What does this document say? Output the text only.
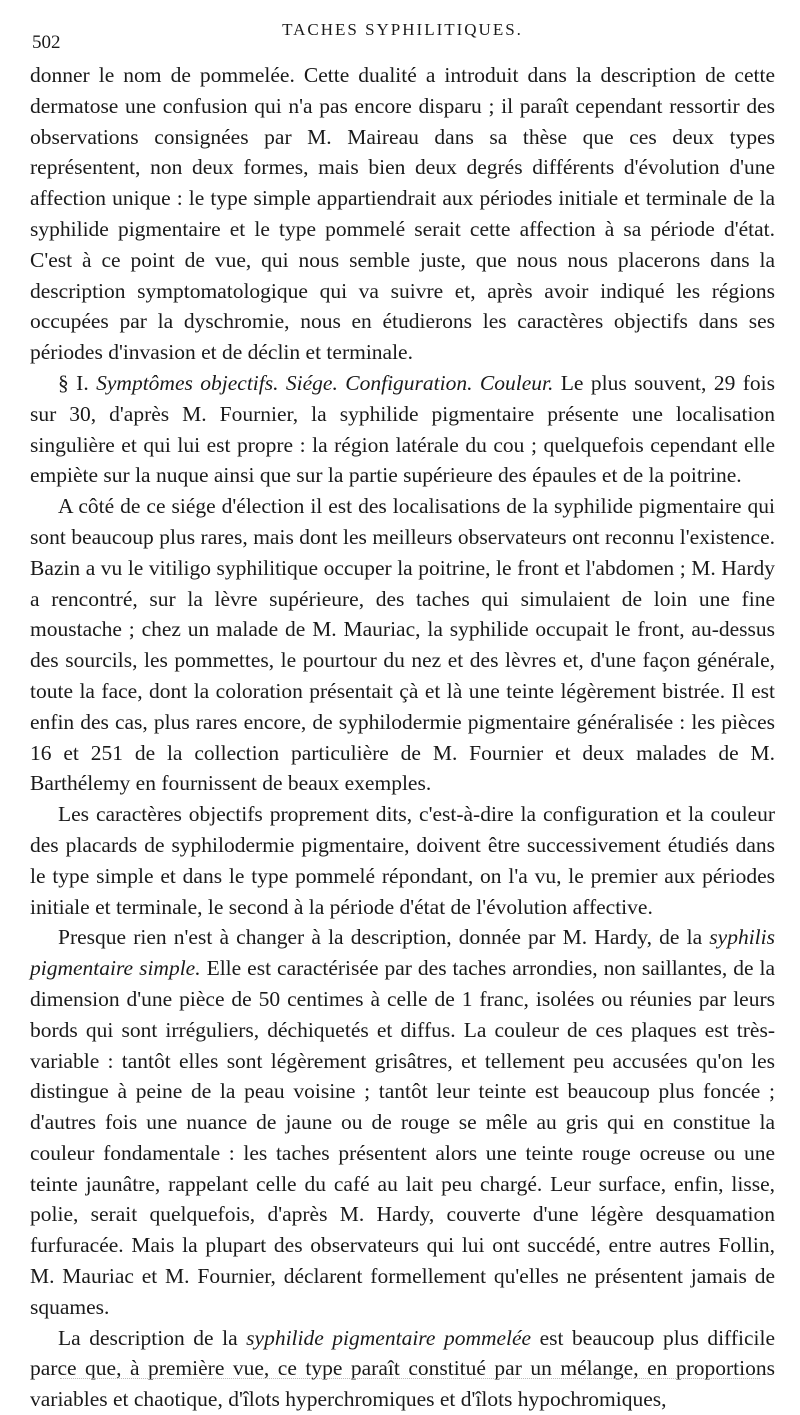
502
TACHES SYPHILITIQUES.

donner le nom de pommelée. Cette dualité a introduit dans la description de cette dermatose une confusion qui n'a pas encore disparu ; il paraît cependant ressortir des observations consignées par M. Maireau dans sa thèse que ces deux types représentent, non deux formes, mais bien deux degrés différents d'évolution d'une affection unique : le type simple appartiendrait aux périodes initiale et terminale de la syphilide pigmentaire et le type pommelé serait cette affection à sa période d'état. C'est à ce point de vue, qui nous semble juste, que nous nous placerons dans la description symptomatologique qui va suivre et, après avoir indiqué les régions occupées par la dyschromie, nous en étudierons les caractères objectifs dans ses périodes d'invasion et de déclin et terminale.

§ I. Symptômes objectifs. Siége. Configuration. Couleur. Le plus souvent, 29 fois sur 30, d'après M. Fournier, la syphilide pigmentaire présente une localisation singulière et qui lui est propre : la région latérale du cou ; quelquefois cependant elle empiète sur la nuque ainsi que sur la partie supérieure des épaules et de la poitrine.

A côté de ce siége d'élection il est des localisations de la syphilide pigmentaire qui sont beaucoup plus rares, mais dont les meilleurs observateurs ont reconnu l'existence. Bazin a vu le vitiligo syphilitique occuper la poitrine, le front et l'abdomen ; M. Hardy a rencontré, sur la lèvre supérieure, des taches qui simulaient de loin une fine moustache ; chez un malade de M. Mauriac, la syphilide occupait le front, au-dessus des sourcils, les pommettes, le pourtour du nez et des lèvres et, d'une façon générale, toute la face, dont la coloration présentait çà et là une teinte légèrement bistrée. Il est enfin des cas, plus rares encore, de syphilodermie pigmentaire généralisée : les pièces 16 et 251 de la collection particulière de M. Fournier et deux malades de M. Barthélemy en fournissent de beaux exemples.

Les caractères objectifs proprement dits, c'est-à-dire la configuration et la couleur des placards de syphilodermie pigmentaire, doivent être successivement étudiés dans le type simple et dans le type pommelé répondant, on l'a vu, le premier aux périodes initiale et terminale, le second à la période d'état de l'évolution affective.

Presque rien n'est à changer à la description, donnée par M. Hardy, de la syphilis pigmentaire simple. Elle est caractérisée par des taches arrondies, non saillantes, de la dimension d'une pièce de 50 centimes à celle de 1 franc, isolées ou réunies par leurs bords qui sont irréguliers, déchiquetés et diffus. La couleur de ces plaques est très-variable : tantôt elles sont légèrement grisâtres, et tellement peu accusées qu'on les distingue à peine de la peau voisine ; tantôt leur teinte est beaucoup plus foncée ; d'autres fois une nuance de jaune ou de rouge se mêle au gris qui en constitue la couleur fondamentale : les taches présentent alors une teinte rouge ocreuse ou une teinte jaunâtre, rappelant celle du café au lait peu chargé. Leur surface, enfin, lisse, polie, serait quelquefois, d'après M. Hardy, couverte d'une légère desquamation furfuracée. Mais la plupart des observateurs qui lui ont succédé, entre autres Follin, M. Mauriac et M. Fournier, déclarent formellement qu'elles ne présentent jamais de squames.

La description de la syphilide pigmentaire pommelée est beaucoup plus difficile parce que, à première vue, ce type paraît constitué par un mélange, en proportions variables et chaotique, d'îlots hyperchromiques et d'îlots hypochromiques,
